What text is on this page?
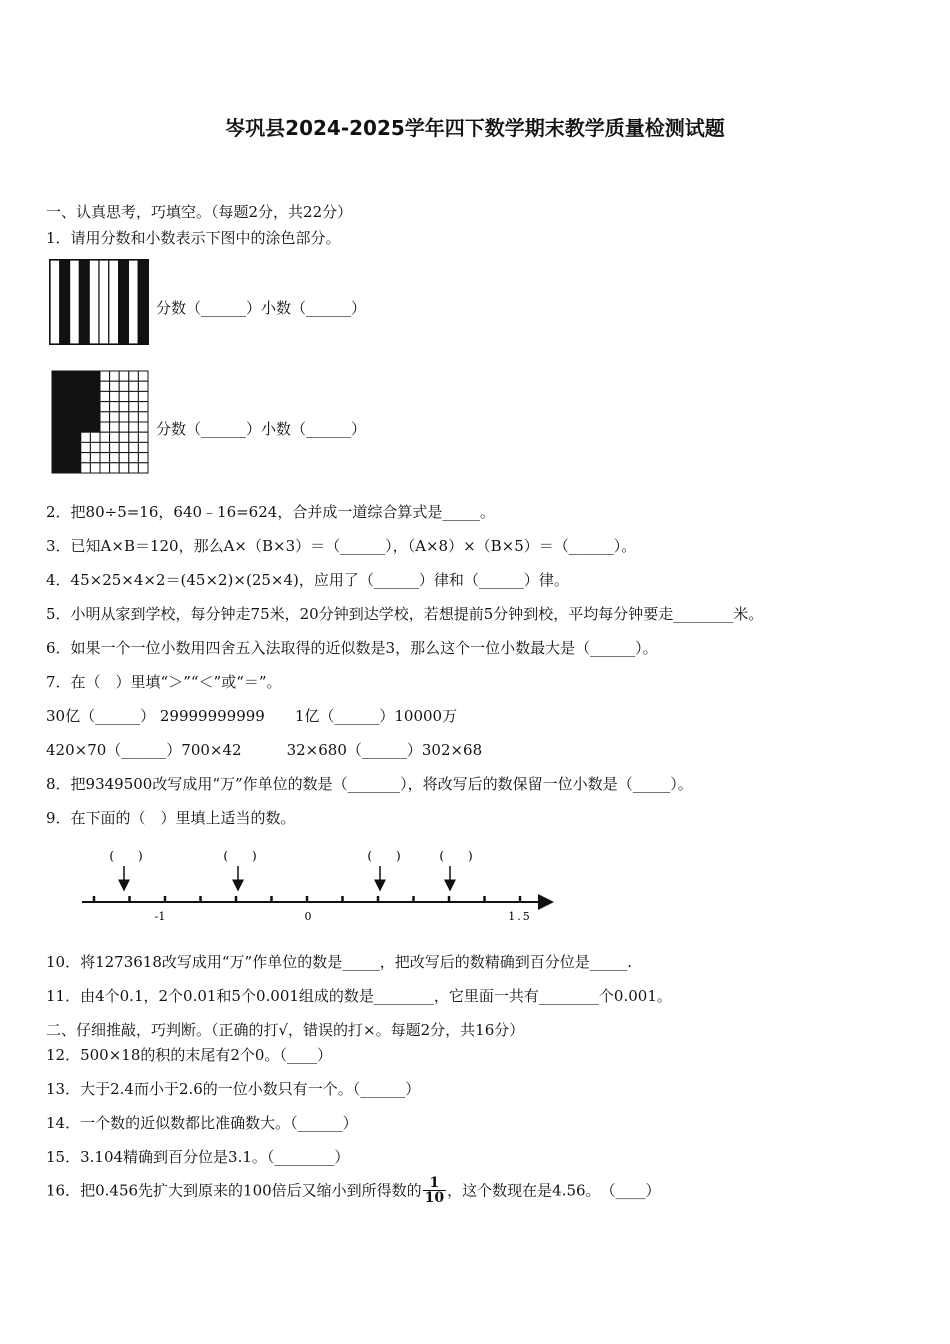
岑巩县2024-2025学年四下数学期末教学质量检测试题
一、认真思考，巧填空。（每题2分，共22分）
1．请用分数和小数表示下图中的涂色部分。
分数（______）小数（______）
分数（______）小数（______）
2．把80÷5=16，640﹣16=624，合并成一道综合算式是_____。
3．已知A×B＝120，那么A×（B×3）＝（______），（A×8）×（B×5）＝（______）。
4．45×25×4×2＝(45×2)×(25×4)，应用了（______）律和（______）律。
5．小明从家到学校，每分钟走75米，20分钟到达学校，若想提前5分钟到校，平均每分钟要走________米。
6．如果一个一位小数用四舍五入法取得的近似数是3，那么这个一位小数最大是（______）。
7．在（　）里填“＞”“＜”或“＝”。
30亿（______） 29999999999　　1亿（______）10000万
420×70（______）700×42　　　32×680（______）302×68
8．把9349500改写成用“万”作单位的数是（_______），将改写后的数保留一位小数是（_____）。
9．在下面的（　）里填上适当的数。
(　　)	(　　)	(　　)	(　　)
-1	0	1.5
10．将1273618改写成用“万”作单位的数是_____，把改写后的数精确到百分位是_____.
11．由4个0.1，2个0.01和5个0.001组成的数是________，它里面一共有________个0.001。
二、仔细推敲，巧判断。（正确的打√，错误的打×。每题2分，共16分）
12．500×18的积的末尾有2个0。（____）
13．大于2.4而小于2.6的一位小数只有一个。（______）
14．一个数的近似数都比准确数大。（______）
15．3.104精确到百分位是3.1。（________）
16．把0.456先扩大到原来的100倍后又缩小到所得数的 $\frac{1}{10}$ ，这个数现在是4.56。　（____）
